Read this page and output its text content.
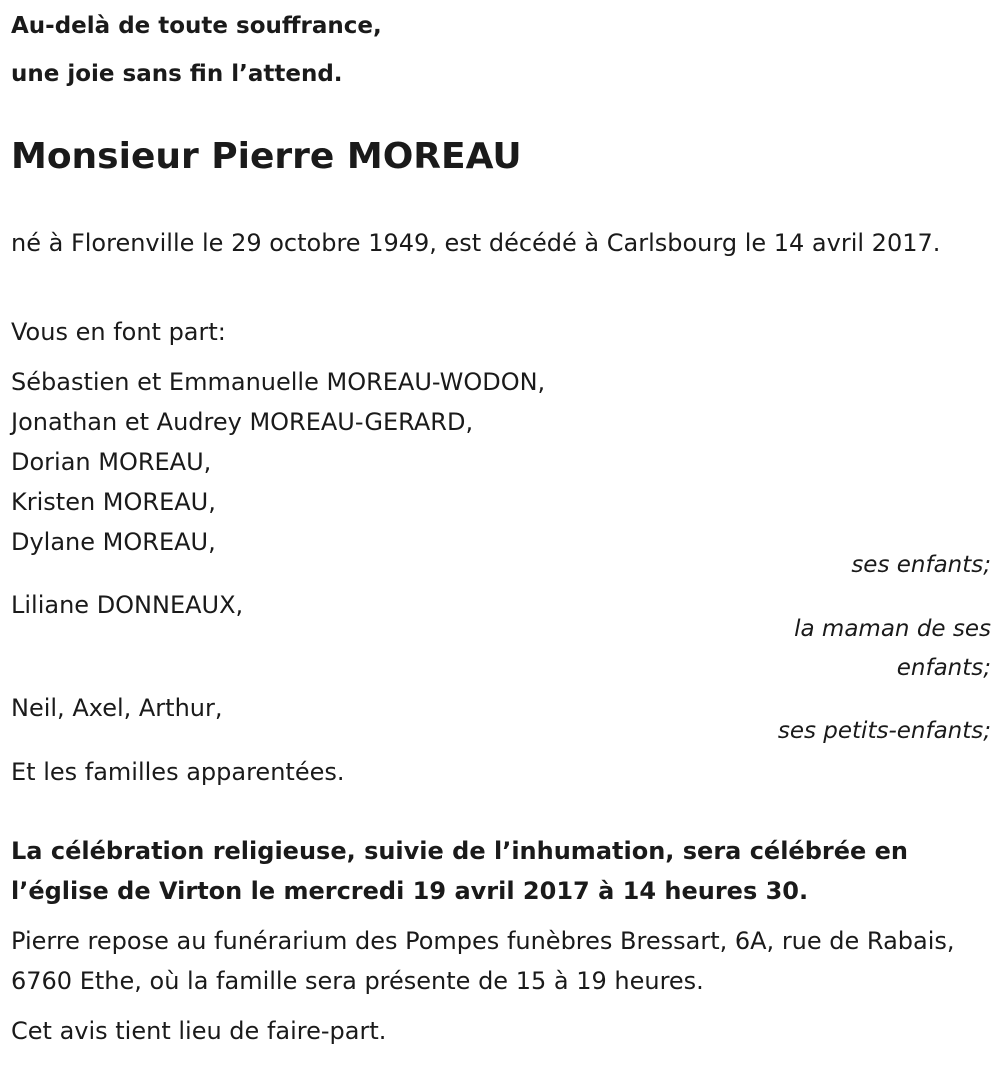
Au-delà de toute souffrance,

une joie sans fin l’attend.

Monsieur Pierre MOREAU

né à Florenville le 29 octobre 1949, est décédé à Carlsbourg le 14 avril 2017.

Vous en font part:

Sébastien et Emmanuelle MOREAU-WODON,
Jonathan et Audrey MOREAU-GERARD,
Dorian MOREAU,
Kristen MOREAU,
Dylane MOREAU,

ses enfants;

Liliane DONNEAUX,

la maman de ses enfants;

Neil, Axel, Arthur,

ses petits-enfants;

Et les familles apparentées.

La célébration religieuse, suivie de l’inhumation, sera célébrée en l’église de Virton le mercredi 19 avril 2017 à 14 heures 30.

Pierre repose au funérarium des Pompes funèbres Bressart, 6A, rue de Rabais, 6760 Ethe, où la famille sera présente de 15 à 19 heures.

Cet avis tient lieu de faire-part.
